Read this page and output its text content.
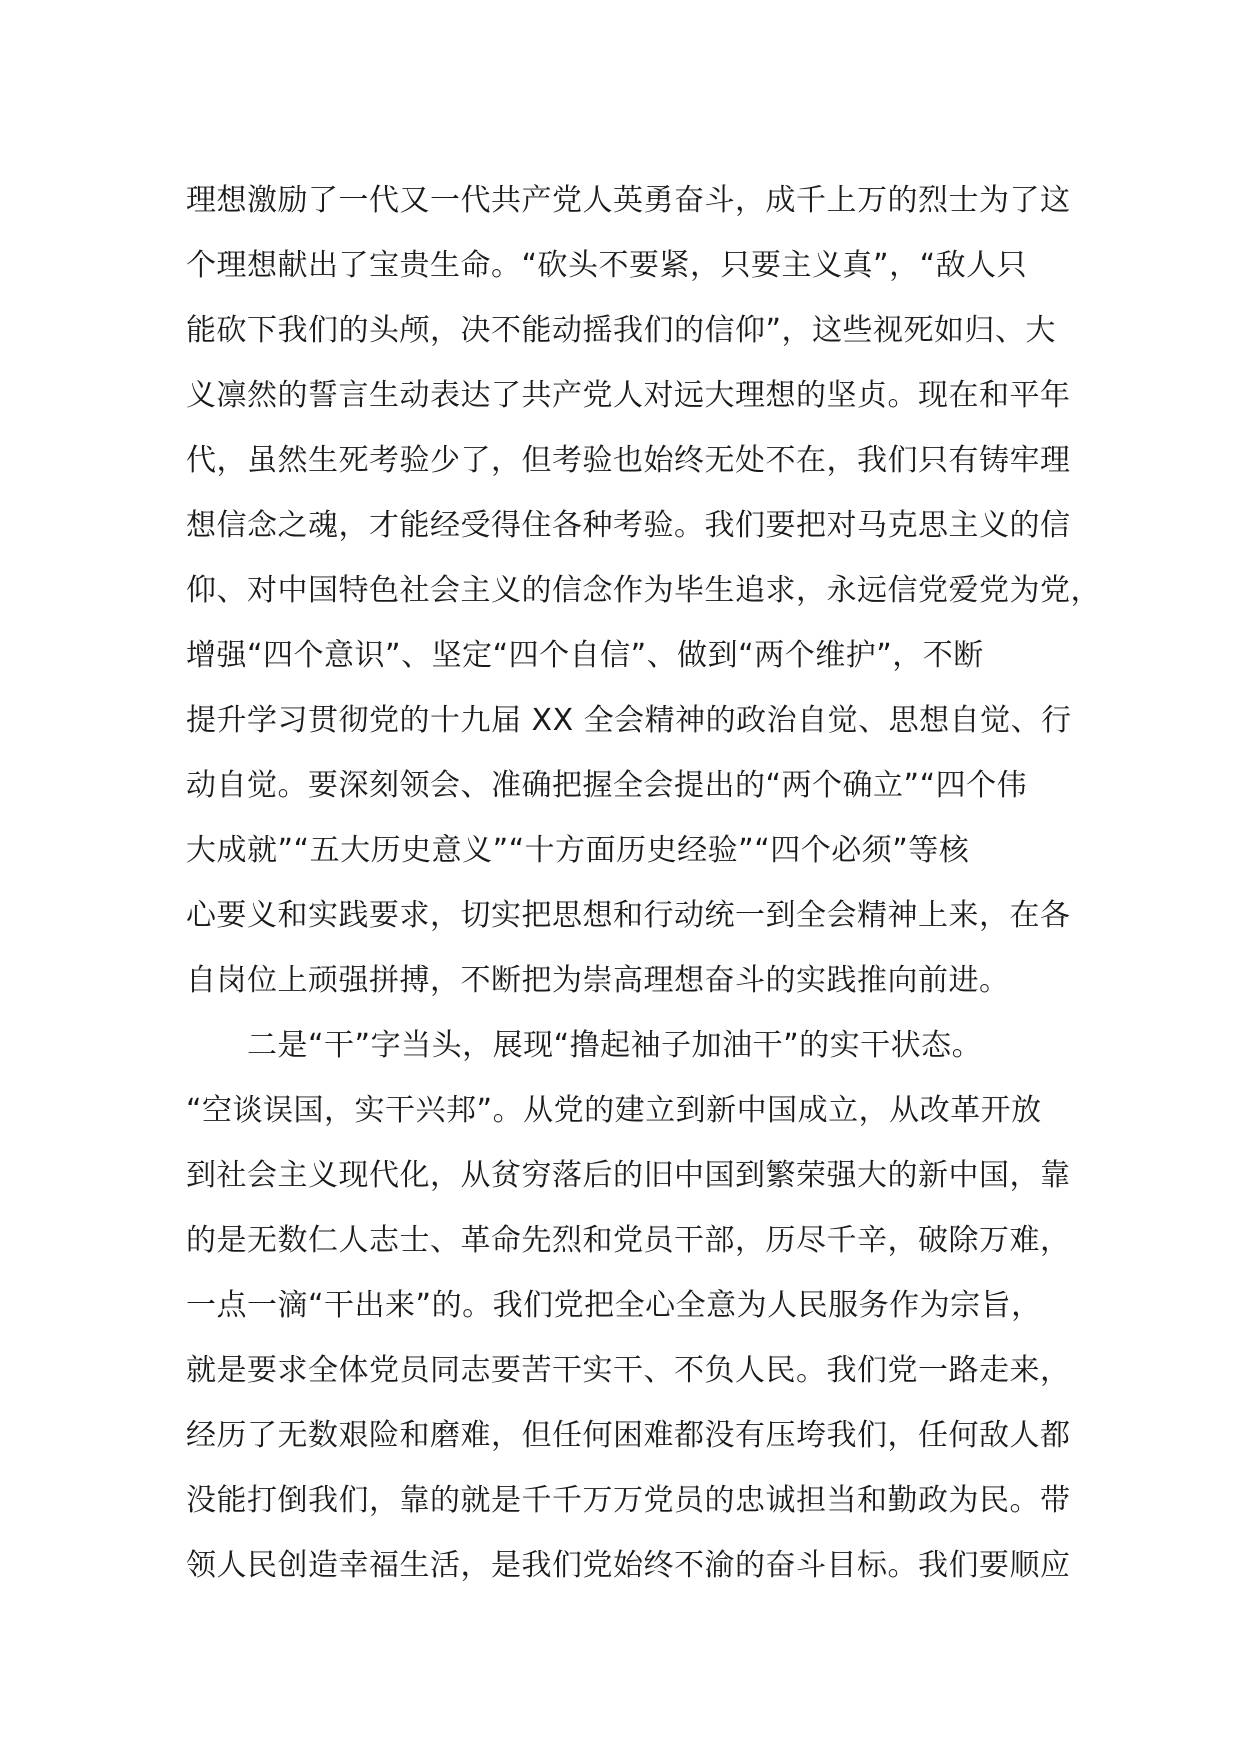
理想激励了一代又一代共产党人英勇奋斗，成千上万的烈士为了这
个理想献出了宝贵生命。“砍头不要紧，只要主义真”，“敌人只
能砍下我们的头颅，决不能动摇我们的信仰”，这些视死如归、大
义凛然的誓言生动表达了共产党人对远大理想的坚贞。现在和平年
代，虽然生死考验少了，但考验也始终无处不在，我们只有铸牢理
想信念之魂，才能经受得住各种考验。我们要把对马克思主义的信
仰、对中国特色社会主义的信念作为毕生追求，永远信党爱党为党，
增强“四个意识”、坚定“四个自信”、做到“两个维护”，不断
提升学习贯彻党的十九届 XX 全会精神的政治自觉、思想自觉、行
动自觉。要深刻领会、准确把握全会提出的“两个确立”“四个伟
大成就”“五大历史意义”“十方面历史经验”“四个必须”等核
心要义和实践要求，切实把思想和行动统一到全会精神上来，在各
自岗位上顽强拼搏，不断把为崇高理想奋斗的实践推向前进。
　　二是“干”字当头，展现“撸起袖子加油干”的实干状态。
“空谈误国，实干兴邦”。从党的建立到新中国成立，从改革开放
到社会主义现代化，从贫穷落后的旧中国到繁荣强大的新中国，靠
的是无数仁人志士、革命先烈和党员干部，历尽千辛，破除万难，
一点一滴“干出来”的。我们党把全心全意为人民服务作为宗旨，
就是要求全体党员同志要苦干实干、不负人民。我们党一路走来，
经历了无数艰险和磨难，但任何困难都没有压垮我们，任何敌人都
没能打倒我们，靠的就是千千万万党员的忠诚担当和勤政为民。带
领人民创造幸福生活，是我们党始终不渝的奋斗目标。我们要顺应
